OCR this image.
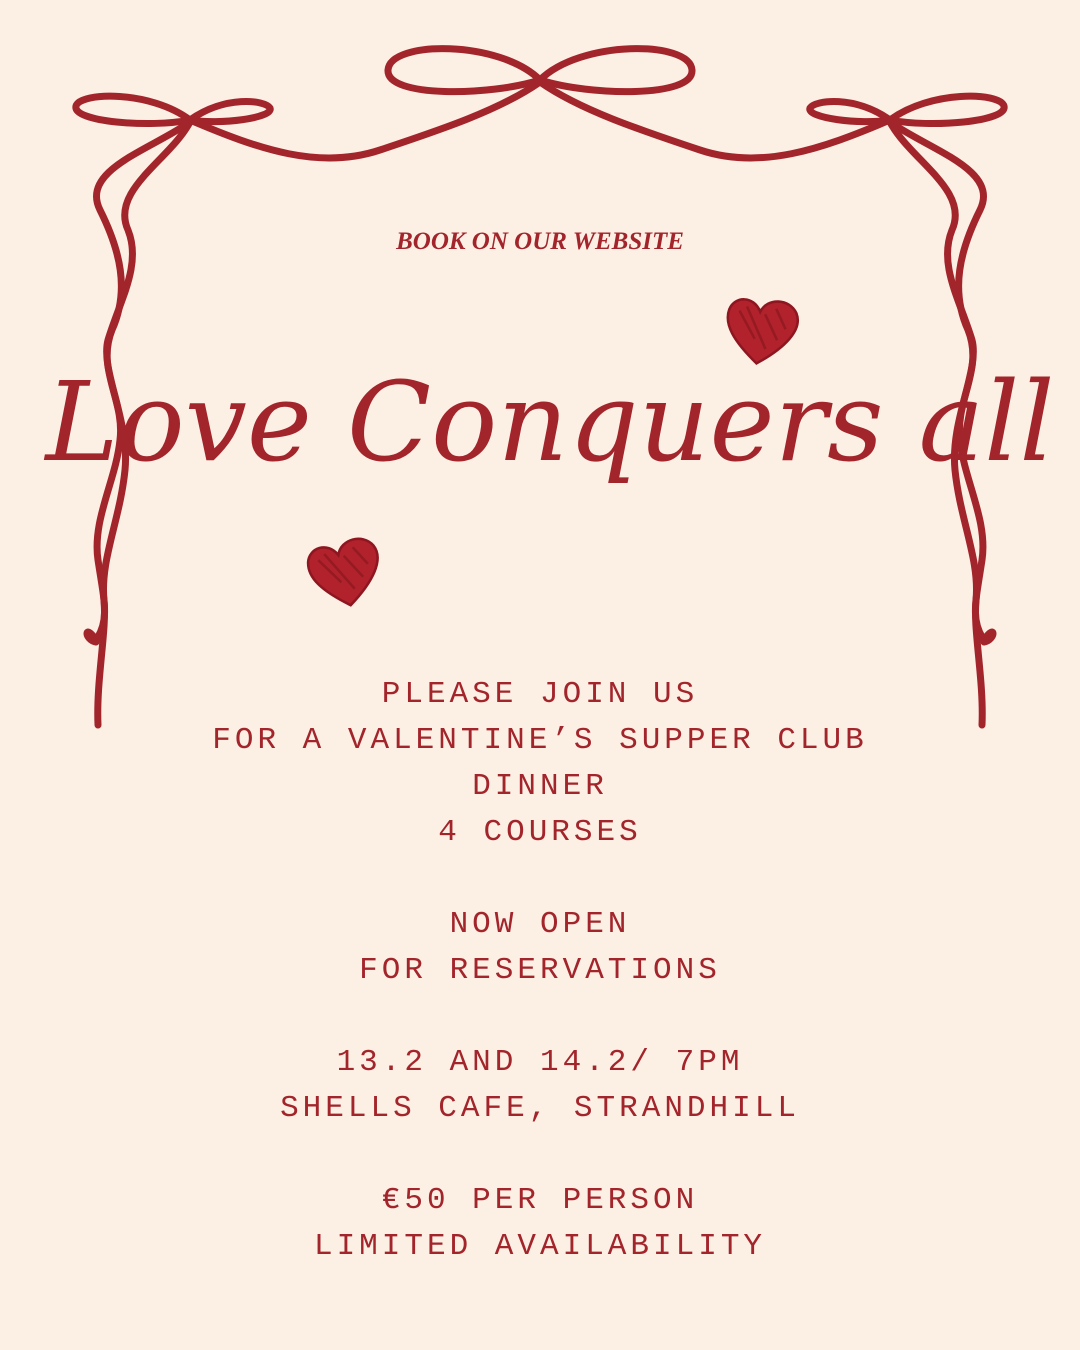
BOOK ON OUR WEBSITE
Love Conquers all
PLEASE JOIN US
FOR A VALENTINE’S SUPPER CLUB
DINNER
4 COURSES
NOW OPEN
FOR RESERVATIONS
13.2 AND 14.2/ 7PM
SHELLS CAFE, STRANDHILL
€50 PER PERSON
LIMITED AVAILABILITY
